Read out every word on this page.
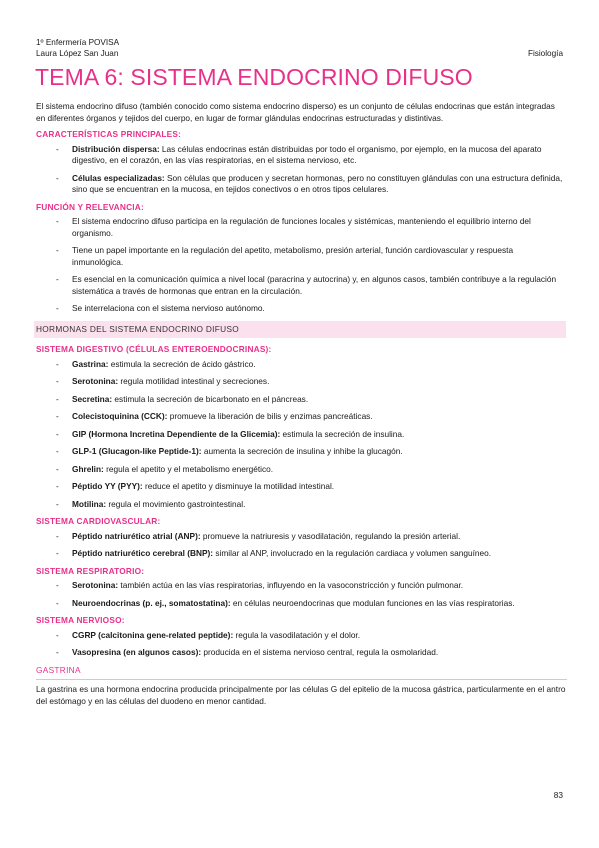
1º Enfermería POVISA
Laura López San Juan	Fisiología
TEMA 6: SISTEMA ENDOCRINO DIFUSO

El sistema endocrino difuso (también conocido como sistema endocrino disperso) es un conjunto de células endocrinas que están integradas en diferentes órganos y tejidos del cuerpo, en lugar de formar glándulas endocrinas estructuradas y distintivas.

CARACTERÍSTICAS PRINCIPALES:
- Distribución dispersa: Las células endocrinas están distribuidas por todo el organismo, por ejemplo, en la mucosa del aparato digestivo, en el corazón, en las vías respiratorias, en el sistema nervioso, etc.
- Células especializadas: Son células que producen y secretan hormonas, pero no constituyen glándulas con una estructura definida, sino que se encuentran en la mucosa, en tejidos conectivos o en otros tipos celulares.
FUNCIÓN Y RELEVANCIA:
- El sistema endocrino difuso participa en la regulación de funciones locales y sistémicas, manteniendo el equilibrio interno del organismo.
- Tiene un papel importante en la regulación del apetito, metabolismo, presión arterial, función cardiovascular y respuesta inmunológica.
- Es esencial en la comunicación química a nivel local (paracrina y autocrina) y, en algunos casos, también contribuye a la regulación sistemática a través de hormonas que entran en la circulación.
- Se interrelaciona con el sistema nervioso autónomo.
HORMONAS DEL SISTEMA ENDOCRINO DIFUSO
SISTEMA DIGESTIVO (CÉLULAS ENTEROENDOCRINAS):
- Gastrina: estimula la secreción de ácido gástrico.
- Serotonina: regula motilidad intestinal y secreciones.
- Secretina: estimula la secreción de bicarbonato en el páncreas.
- Colecistoquinina (CCK): promueve la liberación de bilis y enzimas pancreáticas.
- GIP (Hormona Incretina Dependiente de la Glicemia): estimula la secreción de insulina.
- GLP-1 (Glucagon-like Peptide-1): aumenta la secreción de insulina y inhibe la glucagón.
- Ghrelin: regula el apetito y el metabolismo energético.
- Péptido YY (PYY): reduce el apetito y disminuye la motilidad intestinal.
- Motilina: regula el movimiento gastrointestinal.
SISTEMA CARDIOVASCULAR:
- Péptido natriurético atrial (ANP): promueve la natriuresis y vasodilatación, regulando la presión arterial.
- Péptido natriurético cerebral (BNP): similar al ANP, involucrado en la regulación cardiaca y volumen sanguíneo.
SISTEMA RESPIRATORIO:
- Serotonina: también actúa en las vías respiratorias, influyendo en la vasoconstricción y función pulmonar.
- Neuroendocrinas (p. ej., somatostatina): en células neuroendocrinas que modulan funciones en las vías respiratorias.
SISTEMA NERVIOSO:
- CGRP (calcitonina gene-related peptide): regula la vasodilatación y el dolor.
- Vasopresina (en algunos casos): producida en el sistema nervioso central, regula la osmolaridad.
GASTRINA

La gastrina es una hormona endocrina producida principalmente por las células G del epitelio de la mucosa gástrica, particularmente en el antro del estómago y en las células del duodeno en menor cantidad.

83
